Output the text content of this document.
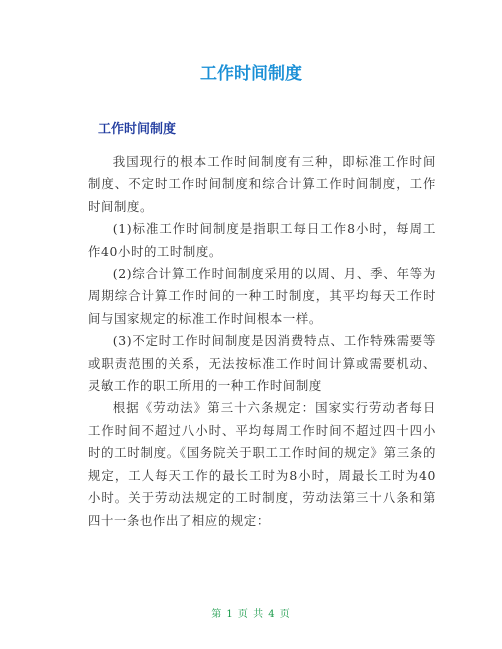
工作时间制度
工作时间制度

我国现行的根本工作时间制度有三种，即标准工作时间制度、不定时工作时间制度和综合计算工作时间制度，工作时间制度。

(1)标准工作时间制度是指职工每日工作8小时，每周工作40小时的工时制度。

(2)综合计算工作时间制度采用的以周、月、季、年等为周期综合计算工作时间的一种工时制度，其平均每天工作时间与国家规定的标准工作时间根本一样。

(3)不定时工作时间制度是因消费特点、工作特殊需要等或职责范围的关系，无法按标准工作时间计算或需要机动、灵敏工作的职工所用的一种工作时间制度

根据《劳动法》第三十六条规定：国家实行劳动者每日工作时间不超过八小时、平均每周工作时间不超过四十四小时的工时制度。《国务院关于职工工作时间的规定》第三条的规定，工人每天工作的最长工时为8小时，周最长工时为40小时。关于劳动法规定的工时制度，劳动法第三十八条和第四十一条也作出了相应的规定：

第 1 页 共 4 页
